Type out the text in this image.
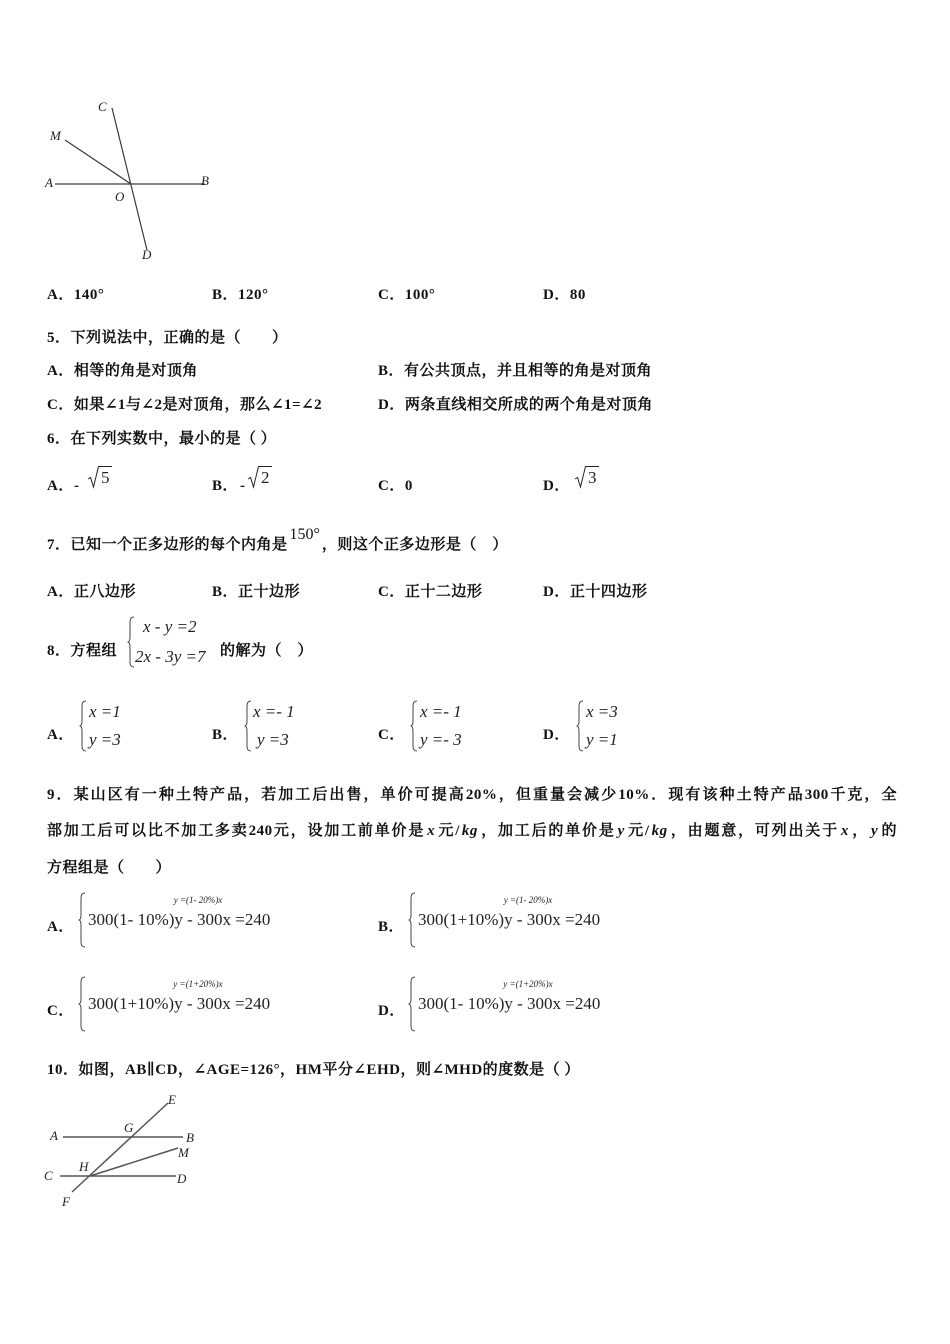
C
M
A
O
B
D
A．140°	B．120°	C．100°	D．80
5．下列说法中，正确的是（　　）
A．相等的角是对顶角	B．有公共顶点，并且相等的角是对顶角
C．如果∠1与∠2是对顶角，那么∠1=∠2	D．两条直线相交所成的两个角是对顶角
6．在下列实数中，最小的是（ ）
A． - 5	B． - 2	C．0	D． 3
7．已知一个正多边形的每个内角是150°，则这个正多边形是（　）
A．正八边形	B．正十边形	C．正十二边形	D．正十四边形
8．方程组
x - y =2
2x - 3y =7 的解为（　）
A．
x =1
y =3	B．
x =- 1
y =3	C．
x =- 1
y =- 3	D．
x =3
y =1
9．某山区有一种土特产品，若加工后出售，单价可提高20%，但重量会减少10%．现有该种土特产品300千克，全
部加工后可以比不加工多卖240元，设加工前单价是 x 元/ kg ，加工后的单价是 y 元/ kg ，由题意，可列出关于 x ， y 的
方程组是（　　）
A．
y =(1- 20%)x
300(1- 10%)y - 300x =240	B．
y =(1- 20%)x
300(1+10%)y - 300x =240
C．
y =(1+20%)x
300(1+10%)y - 300x =240	D．
y =(1+20%)x
300(1- 10%)y - 300x =240
10．如图，AB∥CD，∠AGE=126°，HM平分∠EHD，则∠MHD的度数是（ ）
A
G
E
B
H
M
C	D
F
